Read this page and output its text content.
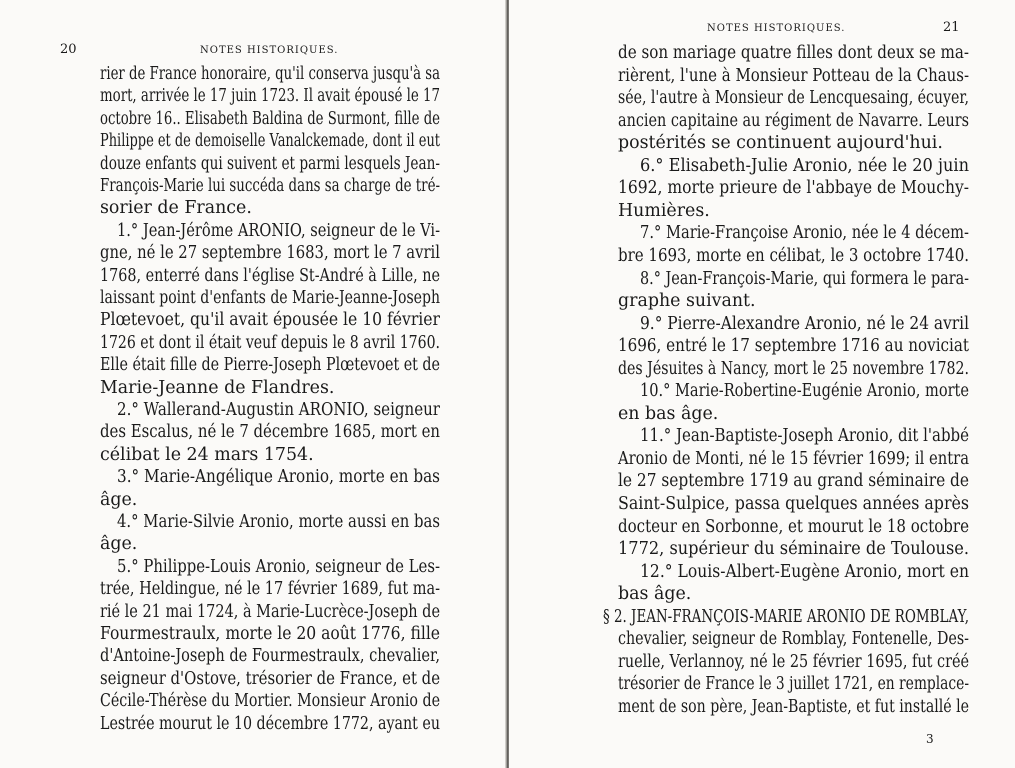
20	NOTES HISTORIQUES.
rier de France honoraire, qu'il conserva jusqu'à sa
mort, arrivée le 17 juin 1723. Il avait épousé le 17
octobre 16.. Elisabeth Baldina de Surmont, fille de
Philippe et de demoiselle Vanalckemade, dont il eut
douze enfants qui suivent et parmi lesquels Jean-
François-Marie lui succéda dans sa charge de tré-
sorier de France.
1.° Jean-Jérôme ARONIO, seigneur de le Vi-
gne, né le 27 septembre 1683, mort le 7 avril
1768, enterré dans l'église St-André à Lille, ne
laissant point d'enfants de Marie-Jeanne-Joseph
Plœtevoet, qu'il avait épousée le 10 février
1726 et dont il était veuf depuis le 8 avril 1760.
Elle était fille de Pierre-Joseph Plœtevoet et de
Marie-Jeanne de Flandres.
2.° Wallerand-Augustin ARONIO, seigneur
des Escalus, né le 7 décembre 1685, mort en
célibat le 24 mars 1754.
3.° Marie-Angélique Aronio, morte en bas
âge.
4.° Marie-Silvie Aronio, morte aussi en bas
âge.
5.° Philippe-Louis Aronio, seigneur de Les-
trée, Heldingue, né le 17 février 1689, fut ma-
rié le 21 mai 1724, à Marie-Lucrèce-Joseph de
Fourmestraulx, morte le 20 août 1776, fille
d'Antoine-Joseph de Fourmestraulx, chevalier,
seigneur d'Ostove, trésorier de France, et de
Cécile-Thérèse du Mortier. Monsieur Aronio de
Lestrée mourut le 10 décembre 1772, ayant eu
NOTES HISTORIQUES.	21
de son mariage quatre filles dont deux se ma-
rièrent, l'une à Monsieur Potteau de la Chaus-
sée, l'autre à Monsieur de Lencquesaing, écuyer,
ancien capitaine au régiment de Navarre. Leurs
postérités se continuent aujourd'hui.
6.° Elisabeth-Julie Aronio, née le 20 juin
1692, morte prieure de l'abbaye de Mouchy-
Humières.
7.° Marie-Françoise Aronio, née le 4 décem-
bre 1693, morte en célibat, le 3 octobre 1740.
8.° Jean-François-Marie, qui formera le para-
graphe suivant.
9.° Pierre-Alexandre Aronio, né le 24 avril
1696, entré le 17 septembre 1716 au noviciat
des Jésuites à Nancy, mort le 25 novembre 1782.
10.° Marie-Robertine-Eugénie Aronio, morte
en bas âge.
11.° Jean-Baptiste-Joseph Aronio, dit l'abbé
Aronio de Monti, né le 15 février 1699; il entra
le 27 septembre 1719 au grand séminaire de
Saint-Sulpice, passa quelques années après
docteur en Sorbonne, et mourut le 18 octobre
1772, supérieur du séminaire de Toulouse.
12.° Louis-Albert-Eugène Aronio, mort en
bas âge.
§ 2. JEAN-FRANÇOIS-MARIE ARONIO DE ROMBLAY,
chevalier, seigneur de Romblay, Fontenelle, Des-
ruelle, Verlannoy, né le 25 février 1695, fut créé
trésorier de France le 3 juillet 1721, en remplace-
ment de son père, Jean-Baptiste, et fut installé le
3
